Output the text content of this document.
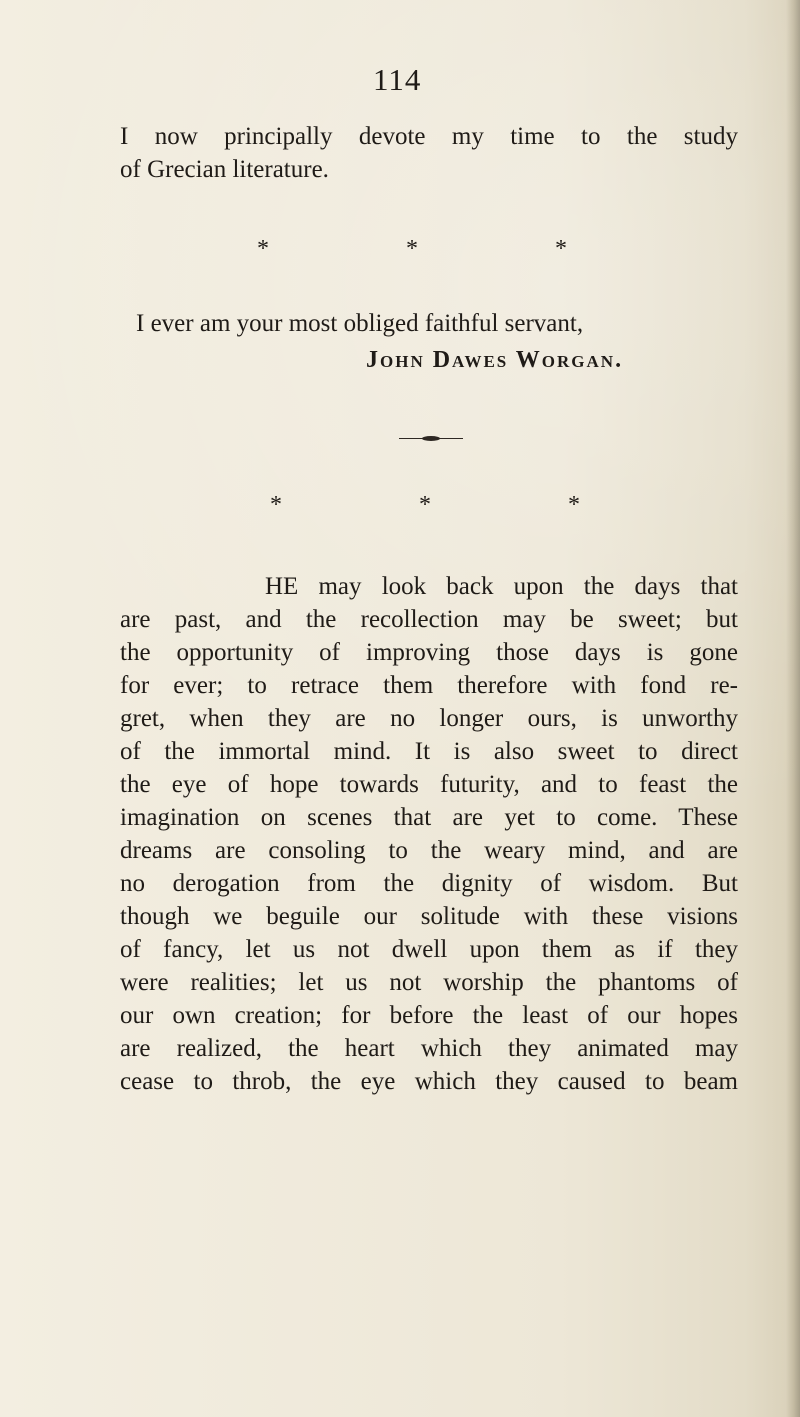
114
I now principally devote my time to the study
of Grecian literature.
*	*	*
I ever am your most obliged faithful servant,
John Dawes Worgan.
*	*	*
HE may look back upon the days that
are past, and the recollection may be sweet; but
the opportunity of improving those days is gone
for ever; to retrace them therefore with fond re-
gret, when they are no longer ours, is unworthy
of the immortal mind. It is also sweet to direct
the eye of hope towards futurity, and to feast the
imagination on scenes that are yet to come. These
dreams are consoling to the weary mind, and are
no derogation from the dignity of wisdom. But
though we beguile our solitude with these visions
of fancy, let us not dwell upon them as if they
were realities; let us not worship the phantoms of
our own creation; for before the least of our hopes
are realized, the heart which they animated may
cease to throb, the eye which they caused to beam
